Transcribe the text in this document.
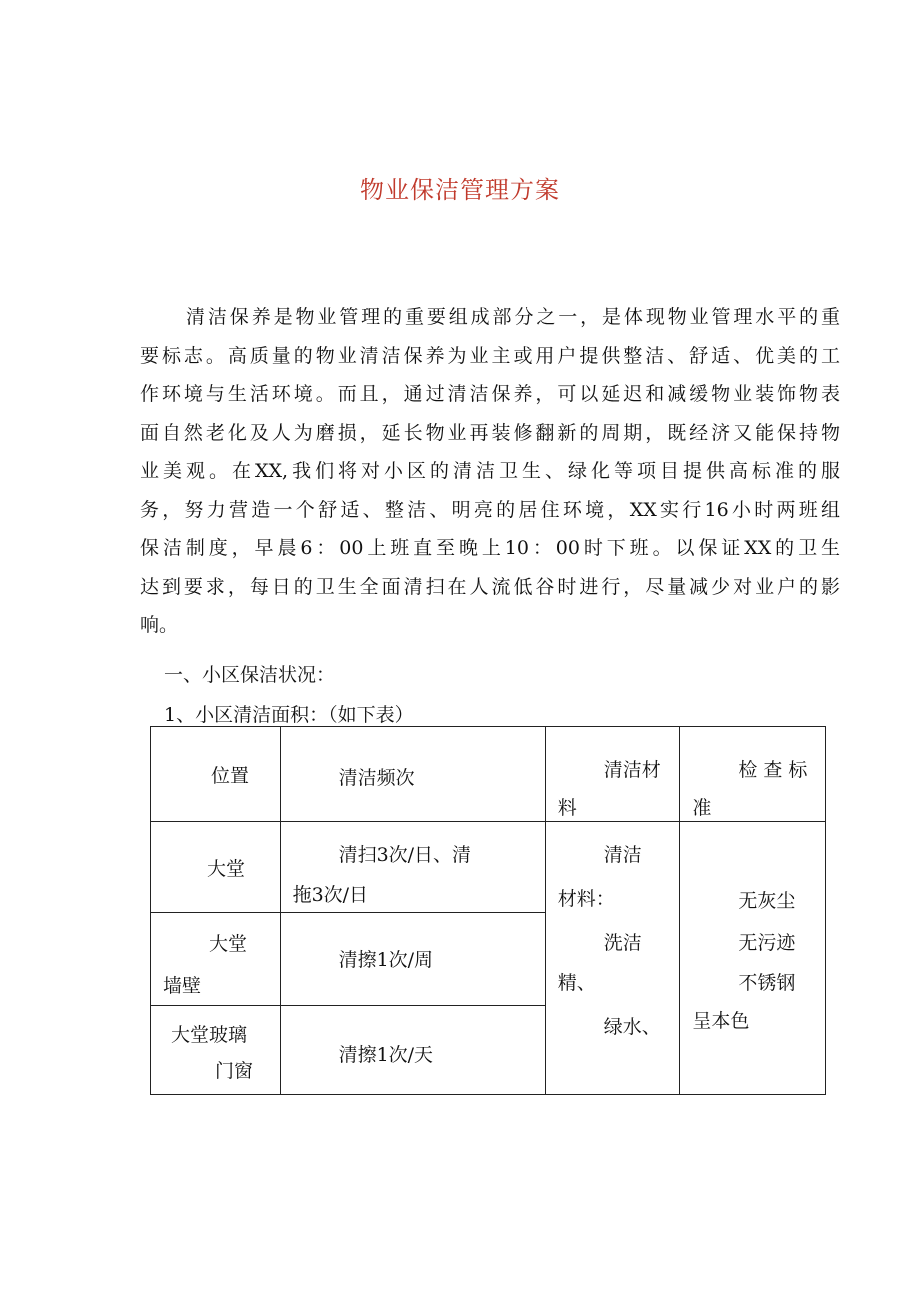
物业保洁管理方案
清洁保养是物业管理的重要组成部分之一，是体现物业管理水平的重
要标志。高质量的物业清洁保养为业主或用户提供整洁、舒适、优美的工
作环境与生活环境。而且，通过清洁保养，可以延迟和减缓物业装饰物表
面自然老化及人为磨损，延长物业再装修翻新的周期，既经济又能保持物
业美观。在XX,我们将对小区的清洁卫生、绿化等项目提供高标准的服
务，努力营造一个舒适、整洁、明亮的居住环境，XX实行16小时两班组
保洁制度，早晨6：00上班直至晚上10：00时下班。以保证XX的卫生
达到要求，每日的卫生全面清扫在人流低谷时进行，尽量减少对业户的影
响。
一、小区保洁状况：
1、小区清洁面积：（如下表）
位置	清洁频次	清洁材
料	检 查 标
准

大堂	清扫3次/日、清
拖3次/日	清洁
材料：
洗洁
精、
绿水、	无灰尘
无污迹
不锈钢
呈本色

大堂
墙壁	清擦1次/周		

大堂玻璃
门窗	清擦1次/天		
